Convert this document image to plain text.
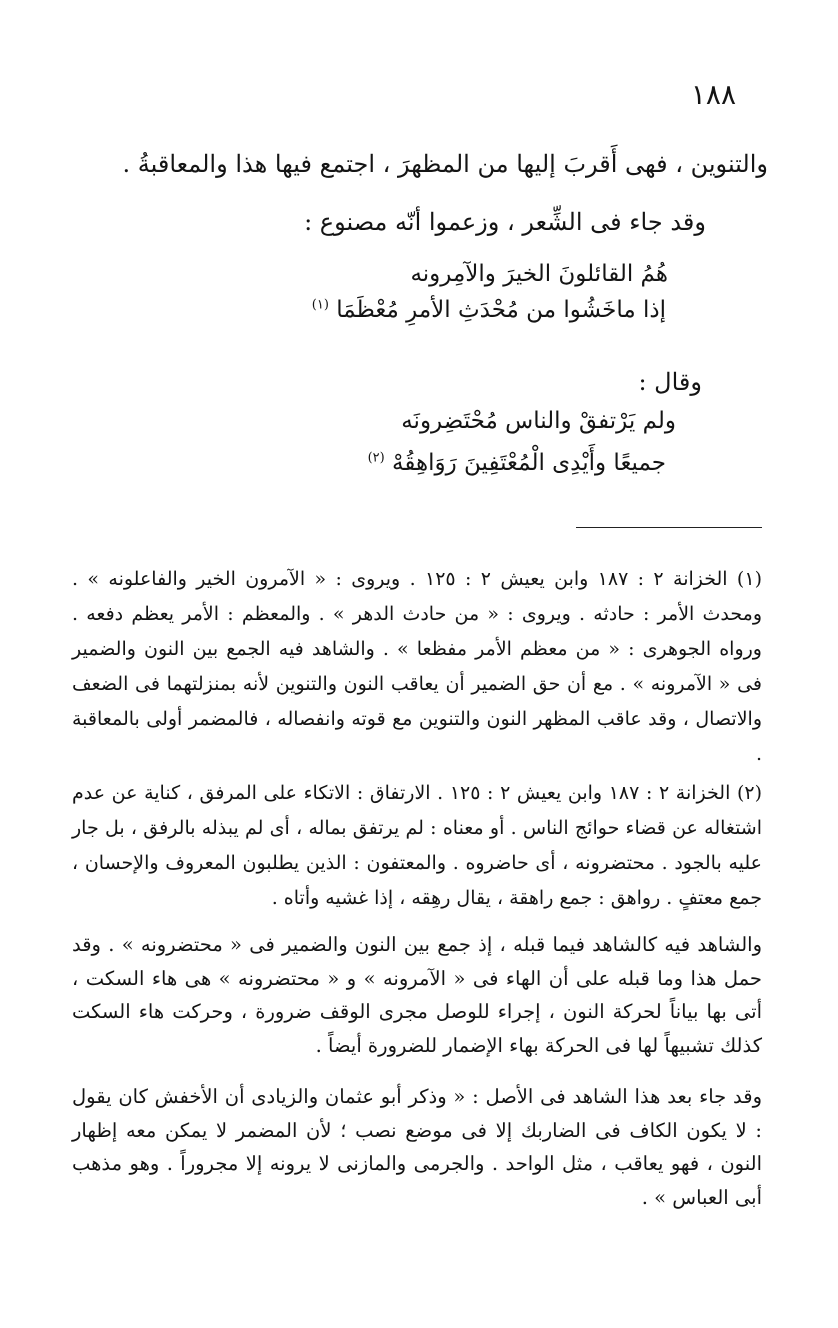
١٨٨
والتنوين ، فهى أَقربَ إليها من المظهرَ ، اجتمع فيها هذا والمعاقبةُ .
وقد جاء فى الشِّعر ، وزعموا أنّه مصنوع :
هُمُ القائلونَ الخيرَ والآمِرونه
إذا ماخَشُوا من مُحْدَثِ الأمرِ مُعْظَمَا $^{(١)}$
وقال :
ولم يَرْتفقْ والناس مُحْتَضِرونَه
جميعًا وأَيْدِى الْمُعْتَفِينَ رَوَاهِقُهْ $^{(٢)}$

(١) الخزانة ٢ : ١٨٧ وابن يعيش ٢ : ١٢٥ . ويروى : « الآمرون الخير والفاعلونه » . ومحدث الأمر : حادثه . ويروى : « من حادث الدهر » . والمعظم : الأمر يعظم دفعه . ورواه الجوهرى : « من معظم الأمر مفظعا » . والشاهد فيه الجمع بين النون والضمير فى « الآمرونه » . مع أن حق الضمير أن يعاقب النون والتنوين لأنه بمنزلتهما فى الضعف والاتصال ، وقد عاقب المظهر النون والتنوين مع قوته وانفصاله ، فالمضمر أولى بالمعاقبة .

(٢) الخزانة ٢ : ١٨٧ وابن يعيش ٢ : ١٢٥ . الارتفاق : الاتكاء على المرفق ، كناية عن عدم اشتغاله عن قضاء حوائج الناس . أو معناه : لم يرتفق بماله ، أى لم يبذله بالرفق ، بل جار عليه بالجود . محتضرونه ، أى حاضروه . والمعتفون : الذين يطلبون المعروف والإحسان ، جمع معتفٍ . رواهق : جمع راهقة ، يقال رهِقه ، إذا غشيه وأتاه .

والشاهد فيه كالشاهد فيما قبله ، إذ جمع بين النون والضمير فى « محتضرونه » . وقد حمل هذا وما قبله على أن الهاء فى « الآمرونه » و « محتضرونه » هى هاء السكت ، أتى بها بياناً لحركة النون ، إجراء للوصل مجرى الوقف ضرورة ، وحركت هاء السكت كذلك تشبيهاً لها فى الحركة بهاء الإضمار للضرورة أيضاً .

وقد جاء بعد هذا الشاهد فى الأصل : « وذكر أبو عثمان والزيادى أن الأخفش كان يقول : لا يكون الكاف فى الضاربك إلا فى موضع نصب ؛ لأن المضمر لا يمكن معه إظهار النون ، فهو يعاقب ، مثل الواحد . والجرمى والمازنى لا يرونه إلا مجروراً . وهو مذهب أبى العباس » .
